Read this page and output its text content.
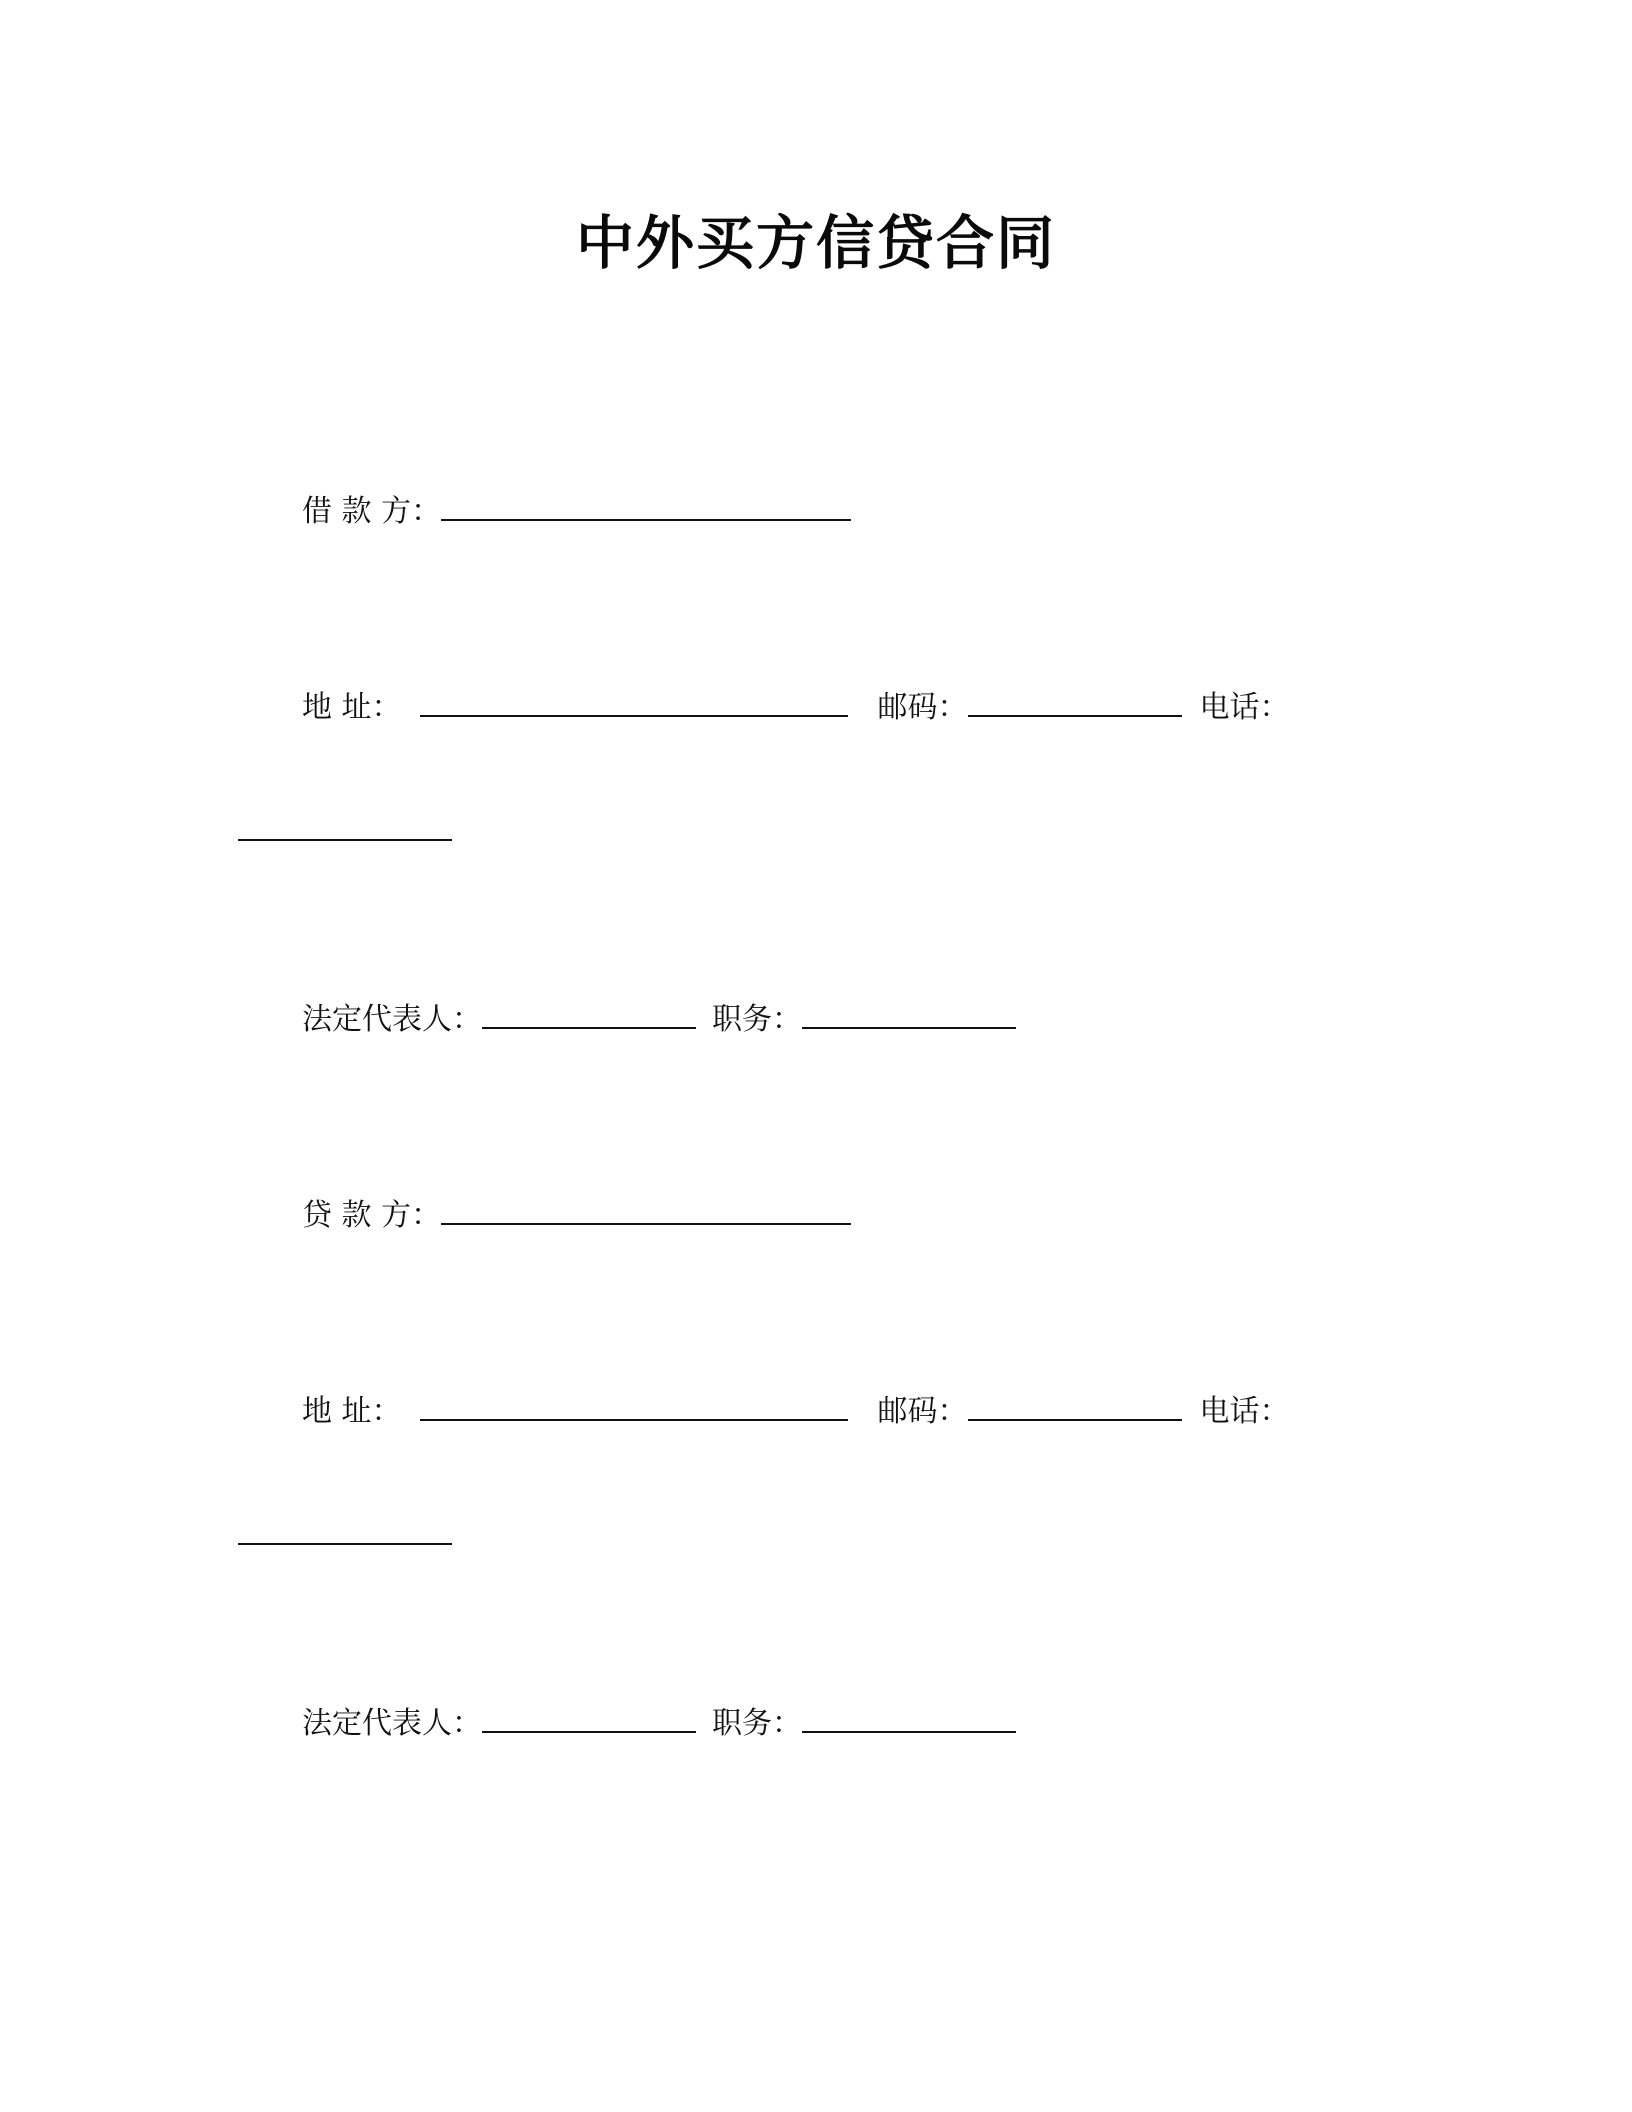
中外买方信贷合同
借 款 方：
地 址：	邮码：	电话：
法定代表人：	职务：
贷 款 方：
地 址：	邮码：	电话：
法定代表人：	职务：
